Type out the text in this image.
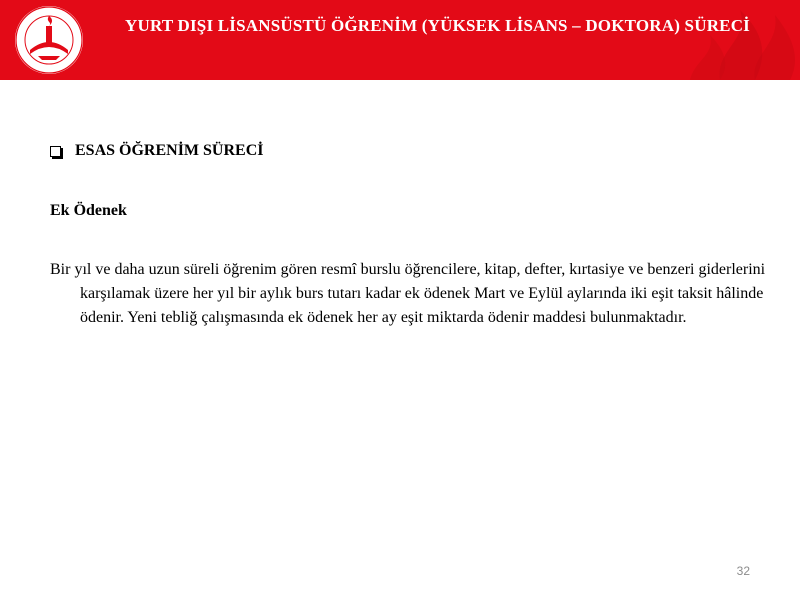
YURT DIŞI LİSANSÜSTÜ ÖĞRENİM (YÜKSEK LİSANS – DOKTORA) SÜRECİ
ESAS ÖĞRENİM SÜRECİ
Ek Ödenek
Bir yıl ve daha uzun süreli öğrenim gören resmî burslu öğrencilere, kitap, defter, kırtasiye ve benzeri giderlerini karşılamak üzere her yıl bir aylık burs tutarı kadar ek ödenek Mart ve Eylül aylarında iki eşit taksit hâlinde ödenir. Yeni tebliğ çalışmasında ek ödenek her ay eşit miktarda ödenir maddesi bulunmaktadır.
32
